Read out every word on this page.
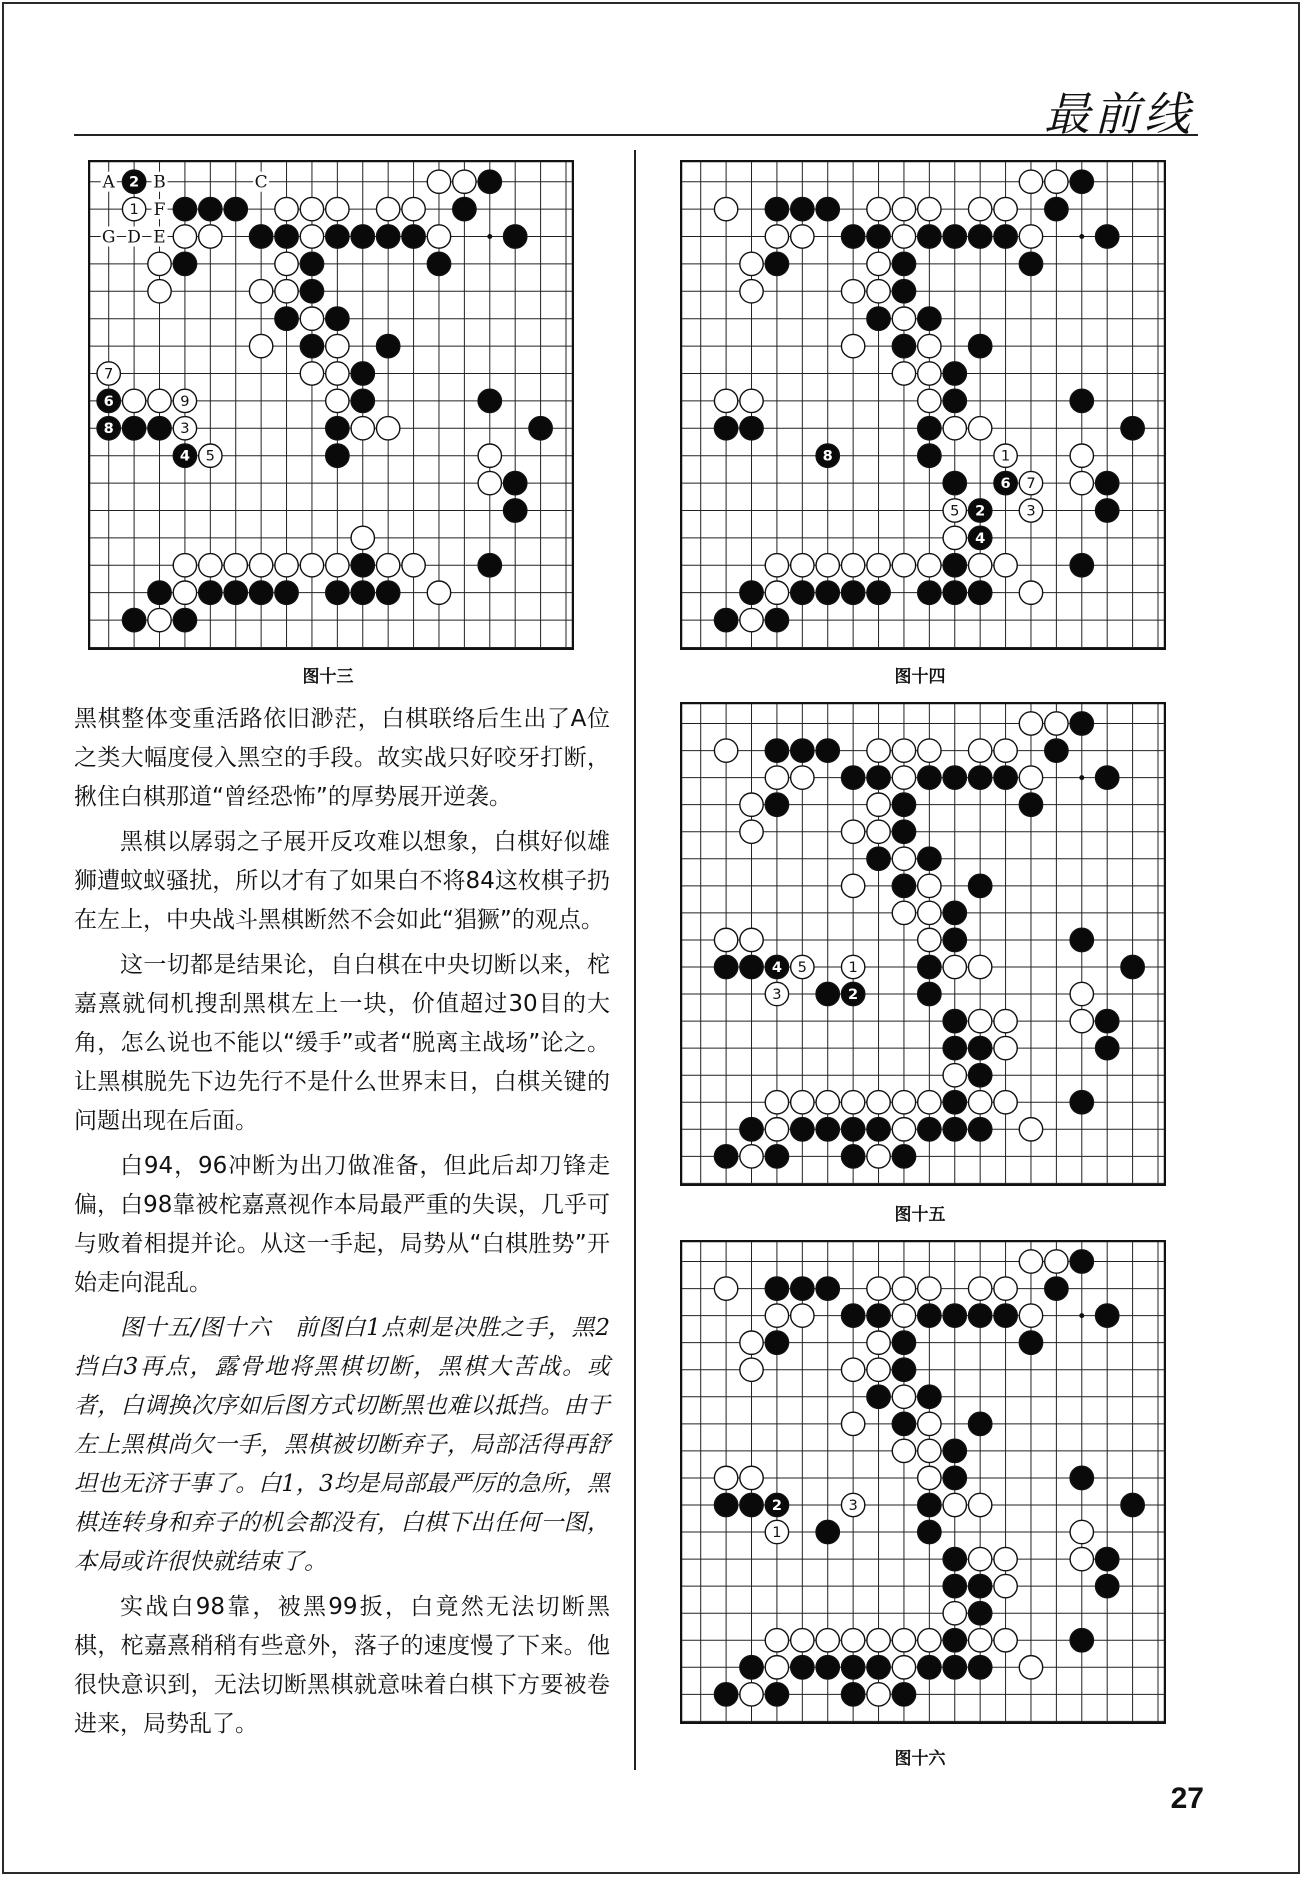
最前线
A B	C
F
G D E
2
1
7
6	9
8	3
4 5
图十三
8	1
6 7
5 2	3
4
图十四
4 5	1
3	2
图十五
2	3
1
图十六

黑棋整体变重活路依旧渺茫，白棋联络后生出了A位之类大幅度侵入黑空的手段。故实战只好咬牙打断，揪住白棋那道“曾经恐怖”的厚势展开逆袭。

黑棋以孱弱之子展开反攻难以想象，白棋好似雄狮遭蚊蚁骚扰，所以才有了如果白不将84这枚棋子扔在左上，中央战斗黑棋断然不会如此“猖獗”的观点。

这一切都是结果论，自白棋在中央切断以来，柁嘉熹就伺机搜刮黑棋左上一块，价值超过30目的大角，怎么说也不能以“缓手”或者“脱离主战场”论之。让黑棋脱先下边先行不是什么世界末日，白棋关键的问题出现在后面。

白94，96冲断为出刀做准备，但此后却刀锋走偏，白98靠被柁嘉熹视作本局最严重的失误，几乎可与败着相提并论。从这一手起，局势从“白棋胜势”开始走向混乱。

图十五/图十六　前图白1点刺是决胜之手，黑2挡白3再点，露骨地将黑棋切断，黑棋大苦战。或者，白调换次序如后图方式切断黑也难以抵挡。由于左上黑棋尚欠一手，黑棋被切断弃子，局部活得再舒坦也无济于事了。白1，3均是局部最严厉的急所，黑棋连转身和弃子的机会都没有，白棋下出任何一图，本局或许很快就结束了。

实战白98靠，被黑99扳，白竟然无法切断黑棋，柁嘉熹稍稍有些意外，落子的速度慢了下来。他很快意识到，无法切断黑棋就意味着白棋下方要被卷进来，局势乱了。

27
